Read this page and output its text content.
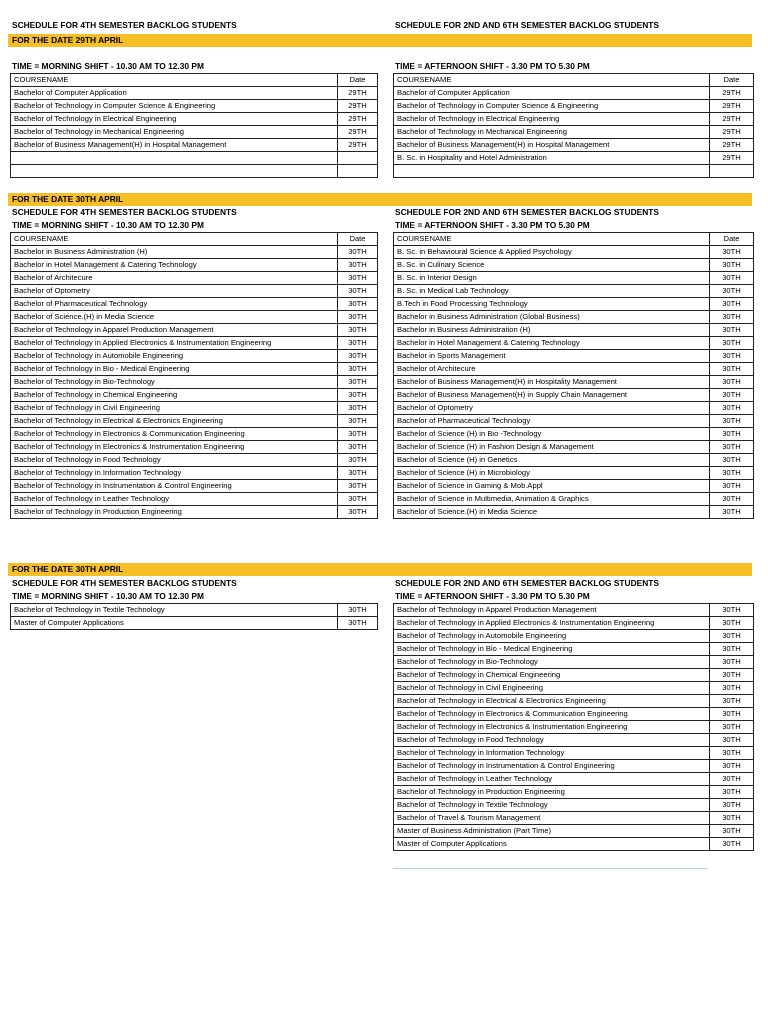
SCHEDULE FOR 4TH SEMESTER BACKLOG STUDENTS	SCHEDULE FOR 2ND AND 6TH SEMESTER BACKLOG STUDENTS
FOR THE DATE 29TH APRIL
TIME = MORNING SHIFT - 10.30 AM TO 12.30 PM	TIME = AFTERNOON SHIFT - 3.30 PM TO 5.30 PM
COURSENAME	Date
Bachelor of Computer Application	29TH
Bachelor of Technology in Computer Science & Engineering	29TH
Bachelor of Technology in Electrical Engineering	29TH
Bachelor of Technology in Mechanical Engineering	29TH
Bachelor of Business Management(H) in Hospital Management	29TH

COURSENAME	Date
Bachelor of Computer Application	29TH
Bachelor of Technology in Computer Science & Engineering	29TH
Bachelor of Technology in Electrical Engineering	29TH
Bachelor of Technology in Mechanical Engineering	29TH
Bachelor of Business Management(H) in Hospital Management	29TH
B. Sc. in Hospitality and Hotel Administration	29TH

FOR THE DATE 30TH APRIL
SCHEDULE FOR 4TH SEMESTER BACKLOG STUDENTS	SCHEDULE FOR 2ND AND 6TH SEMESTER BACKLOG STUDENTS
TIME = MORNING SHIFT - 10.30 AM TO 12.30 PM	TIME = AFTERNOON SHIFT - 3.30 PM TO 5.30 PM
COURSENAME	Date
Bachelor in Business Administration (H)	30TH
Bachelor in Hotel Management & Catering Technology	30TH
Bachelor of Architecure	30TH
Bachelor of Optometry	30TH
Bachelor of Pharmaceutical Technology	30TH
Bachelor of Science.(H) in Media Science	30TH
Bachelor of Technology in Apparel Production Management	30TH
Bachelor of Technology in Applied Electronics & Instrumentation Engineering	30TH
Bachelor of Technology in Automobile Engineering	30TH
Bachelor of Technology in Bio - Medical Engineering	30TH
Bachelor of Technology in Bio-Technology	30TH
Bachelor of Technology in Chemical Engineering	30TH
Bachelor of Technology in Civil Engineering	30TH
Bachelor of Technology in Electrical & Electronics Engineering	30TH
Bachelor of Technology in Electronics & Communication Engineering	30TH
Bachelor of Technology in Electronics & Instrumentation Engineering	30TH
Bachelor of Technology in Food Technology	30TH
Bachelor of Technology in Information Technology	30TH
Bachelor of Technology in Instrumentation & Control Engineering	30TH
Bachelor of Technology in Leather Technology	30TH
Bachelor of Technology in Production Engineering	30TH
COURSENAME	Date
B. Sc. in Behavioural Science & Applied Psychology	30TH
B. Sc. in Culinary Science	30TH
B. Sc. in Interior Design	30TH
B. Sc. in Medical Lab Technology	30TH
B.Tech in Food Processing Technology	30TH
Bachelor in Business Administration (Global Business)	30TH
Bachelor in Business Administration (H)	30TH
Bachelor in Hotel Management & Catering Technology	30TH
Bachelor in Sports Management	30TH
Bachelor of Architecure	30TH
Bachelor of Business Management(H) in Hospitality Management	30TH
Bachelor of Business Management(H) in Supply Chain Management	30TH
Bachelor of Optometry	30TH
Bachelor of Pharmaceutical Technology	30TH
Bachelor of Science (H) in Bio -Technology	30TH
Bachelor of Science (H) in Fashion Design & Management	30TH
Bachelor of Science (H) in Genetics	30TH
Bachelor of Science (H) in Microbiology	30TH
Bachelor of Science in Gaming & Mob.Appl	30TH
Bachelor of Science in Multimedia, Animation & Graphics	30TH
Bachelor of Science.(H) in Media Science	30TH
FOR THE DATE 30TH APRIL
SCHEDULE FOR 4TH SEMESTER BACKLOG STUDENTS	SCHEDULE FOR 2ND AND 6TH SEMESTER BACKLOG STUDENTS
TIME = MORNING SHIFT - 10.30 AM TO 12.30 PM	TIME = AFTERNOON SHIFT - 3.30 PM TO 5.30 PM
Bachelor of Technology in Textile Technology	30TH
Master of Computer Applications	30TH
Bachelor of Technology in Apparel Production Management	30TH
Bachelor of Technology in Applied Electronics & Instrumentation Engineering	30TH
Bachelor of Technology in Automobile Engineering	30TH
Bachelor of Technology in Bio - Medical Engineering	30TH
Bachelor of Technology in Bio-Technology	30TH
Bachelor of Technology in Chemical Engineering	30TH
Bachelor of Technology in Civil Engineering	30TH
Bachelor of Technology in Electrical & Electronics Engineering	30TH
Bachelor of Technology in Electronics & Communication Engineering	30TH
Bachelor of Technology in Electronics & Instrumentation Engineering	30TH
Bachelor of Technology in Food Technology	30TH
Bachelor of Technology in Information Technology	30TH
Bachelor of Technology in Instrumentation & Control Engineering	30TH
Bachelor of Technology in Leather Technology	30TH
Bachelor of Technology in Production Engineering	30TH
Bachelor of Technology in Textile Technology	30TH
Bachelor of Travel & Tourism Management	30TH
Master of Business Administration (Part Time)	30TH
Master of Computer Applications	30TH
